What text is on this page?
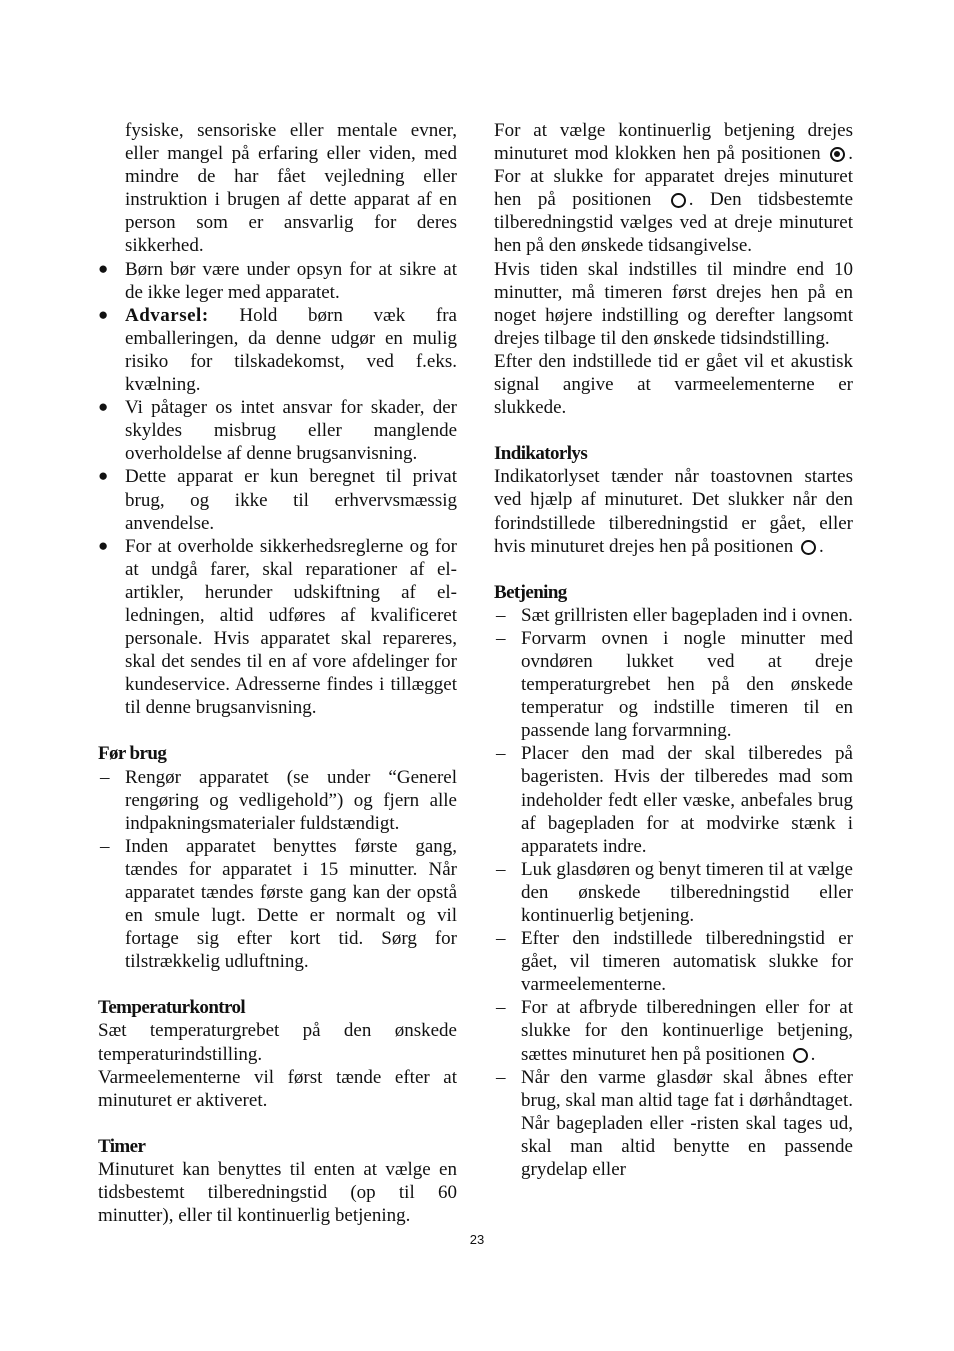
fysiske, sensoriske eller mentale evner, eller mangel på erfaring eller viden, med mindre de har fået vejledning eller instruktion i brugen af dette apparat af en person som er ansvarlig for deres sikkerhed.

● Børn bør være under opsyn for at sikre at de ikke leger med apparatet.
● Advarsel: Hold børn væk fra emballeringen, da denne udgør en mulig risiko for tilskadekomst, ved f.eks. kvælning.
● Vi påtager os intet ansvar for skader, der skyldes misbrug eller manglende overholdelse af denne brugsanvisning.
● Dette apparat er kun beregnet til privat brug, og ikke til erhvervsmæssig anvendelse.
● For at overholde sikkerhedsreglerne og for at undgå farer, skal reparationer af el-artikler, herunder udskiftning af el-ledningen, altid udføres af kvalificeret personale. Hvis apparatet skal repareres, skal det sendes til en af vore afdelinger for kundeservice. Adresserne findes i tillægget til denne brugsanvisning.
Før brug
– Rengør apparatet (se under “Generel rengøring og vedligehold”) og fjern alle indpakningsmaterialer fuldstændigt.
– Inden apparatet benyttes første gang, tændes for apparatet i 15 minutter. Når apparatet tændes første gang kan der opstå en smule lugt. Dette er normalt og vil fortage sig efter kort tid. Sørg for tilstrækkelig udluftning.
Temperaturkontrol

Sæt temperaturgrebet på den ønskede temperaturindstilling.

Varmeelementerne vil først tænde efter at minuturet er aktiveret.

Timer

Minuturet kan benyttes til enten at vælge en tidsbestemt tilberedningstid (op til 60 minutter), eller til kontinuerlig betjening.

For at vælge kontinuerlig betjening drejes minuturet mod klokken hen på positionen . For at slukke for apparatet drejes minuturet hen på positionen . Den tidsbestemte tilberedningstid vælges ved at dreje minuturet hen på den ønskede tidsangivelse.

Hvis tiden skal indstilles til mindre end 10 minutter, må timeren først drejes hen på en noget højere indstilling og derefter langsomt drejes tilbage til den ønskede tidsindstilling.

Efter den indstillede tid er gået vil et akustisk signal angive at varmeelementerne er slukkede.

Indikatorlys

Indikatorlyset tænder når toastovnen startes ved hjælp af minuturet. Det slukker når den forindstillede tilberedningstid er gået, eller hvis minuturet drejes hen på positionen .

Betjening
– Sæt grillristen eller bagepladen ind i ovnen.
– Forvarm ovnen i nogle minutter med ovndøren lukket ved at dreje temperaturgrebet hen på den ønskede temperatur og indstille timeren til en passende lang forvarmning.
– Placer den mad der skal tilberedes på bageristen. Hvis der tilberedes mad som indeholder fedt eller væske, anbefales brug af bagepladen for at modvirke stænk i apparatets indre.
– Luk glasdøren og benyt timeren til at vælge den ønskede tilberedningstid eller kontinuerlig betjening.
– Efter den indstillede tilberedningstid er gået, vil timeren automatisk slukke for varmeelementerne.
– For at afbryde tilberedningen eller for at slukke for den kontinuerlige betjening, sættes minuturet hen på positionen .
– Når den varme glasdør skal åbnes efter brug, skal man altid tage fat i dørhåndtaget. Når bagepladen eller -risten skal tages ud, skal man altid benytte en passende grydelap eller
23
